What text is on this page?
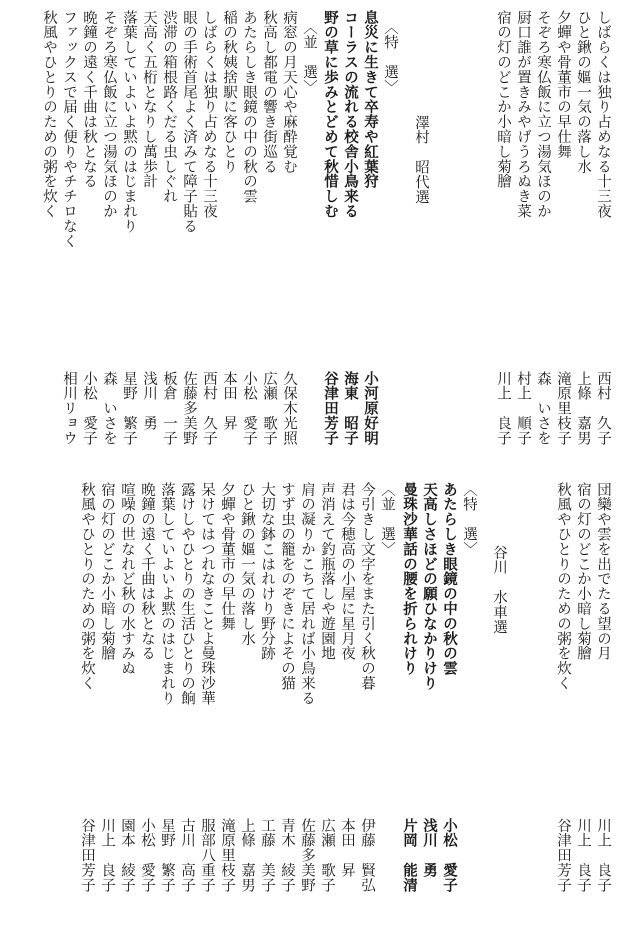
しばらくは独り占めなる十三夜
ひと鍬の嫗一気の落し水
夕蟬や骨董市の早仕舞
そぞろ寒仏飯に立つ湯気ほのか
厨口誰が置きみやげうろぬき菜
宿の灯のどこか小暗し菊膾
澤村　昭代選
〈特　選〉
息災に生きて卒寿や紅葉狩
コーラスの流れる校舎小鳥来る
野の草に歩みとどめて秋惜しむ
〈並　選〉
病窓の月天心や麻酔覚む
秋高し都電の響き街巡る
あたらしき眼鏡の中の秋の雲
稲の秋姨捨駅に客ひとり
しばらくは独り占めなる十三夜
眼の手術首尾よく済みて障子貼る
渋滞の箱根路くだる虫しぐれ
天高く五桁となりし萬歩計
落葉していよいよ黙のはじまれり
そぞろ寒仏飯に立つ湯気ほのか
晩鐘の遠く千曲は秋となる
ファックスで届く便りやチチロなく
秋風やひとりのための粥を炊く
西村　久子
上條　嘉男
滝原里枝子
森　いさを
村上　順子
川上　良子
小河原好明
海東　昭子
谷津田芳子
久保木光照
広瀬　歌子
小松　愛子
本田　昇
西村　久子
佐藤多美野
板倉　一子
浅川　勇
星野　繁子
森　いさを
小松　愛子
相川リョウ
団欒や雲を出でたる望の月
宿の灯のどこか小暗し菊膾
秋風やひとりのための粥を炊く
谷川　水車選
〈特　選〉
あたらしき眼鏡の中の秋の雲
天高しさほどの願ひなかりけり
曼珠沙華話の腰を折られけり
〈並　選〉
今引きし文字をまた引く秋の暮
君は今穂高の小屋に星月夜
声消えて釣瓶落しや遊園地
肩の凝りかこちて居れば小鳥来る
すず虫の籠をのぞきによその猫
大切な鉢こはれけり野分跡
ひと鍬の嫗一気の落し水
夕蟬や骨董市の早仕舞
呆けてはつれなきことよ曼珠沙華
露けしやひとりの生活ひとりの餉
落葉していよいよ黙のはじまれり
晩鐘の遠く千曲は秋となる
喧噪の世なれど秋の水すみぬ
宿の灯のどこか小暗し菊膾
秋風やひとりのための粥を炊く
川上　良子
川上　良子
谷津田芳子
小松　愛子
浅川　勇
片岡　能清
伊藤　賢弘
本田　昇
広瀬　歌子
佐藤多美野
青木　綾子
工藤　美子
上條　嘉男
滝原里枝子
服部八重子
古川　高子
星野　繁子
小松　愛子
園本　綾子
川上　良子
谷津田芳子
